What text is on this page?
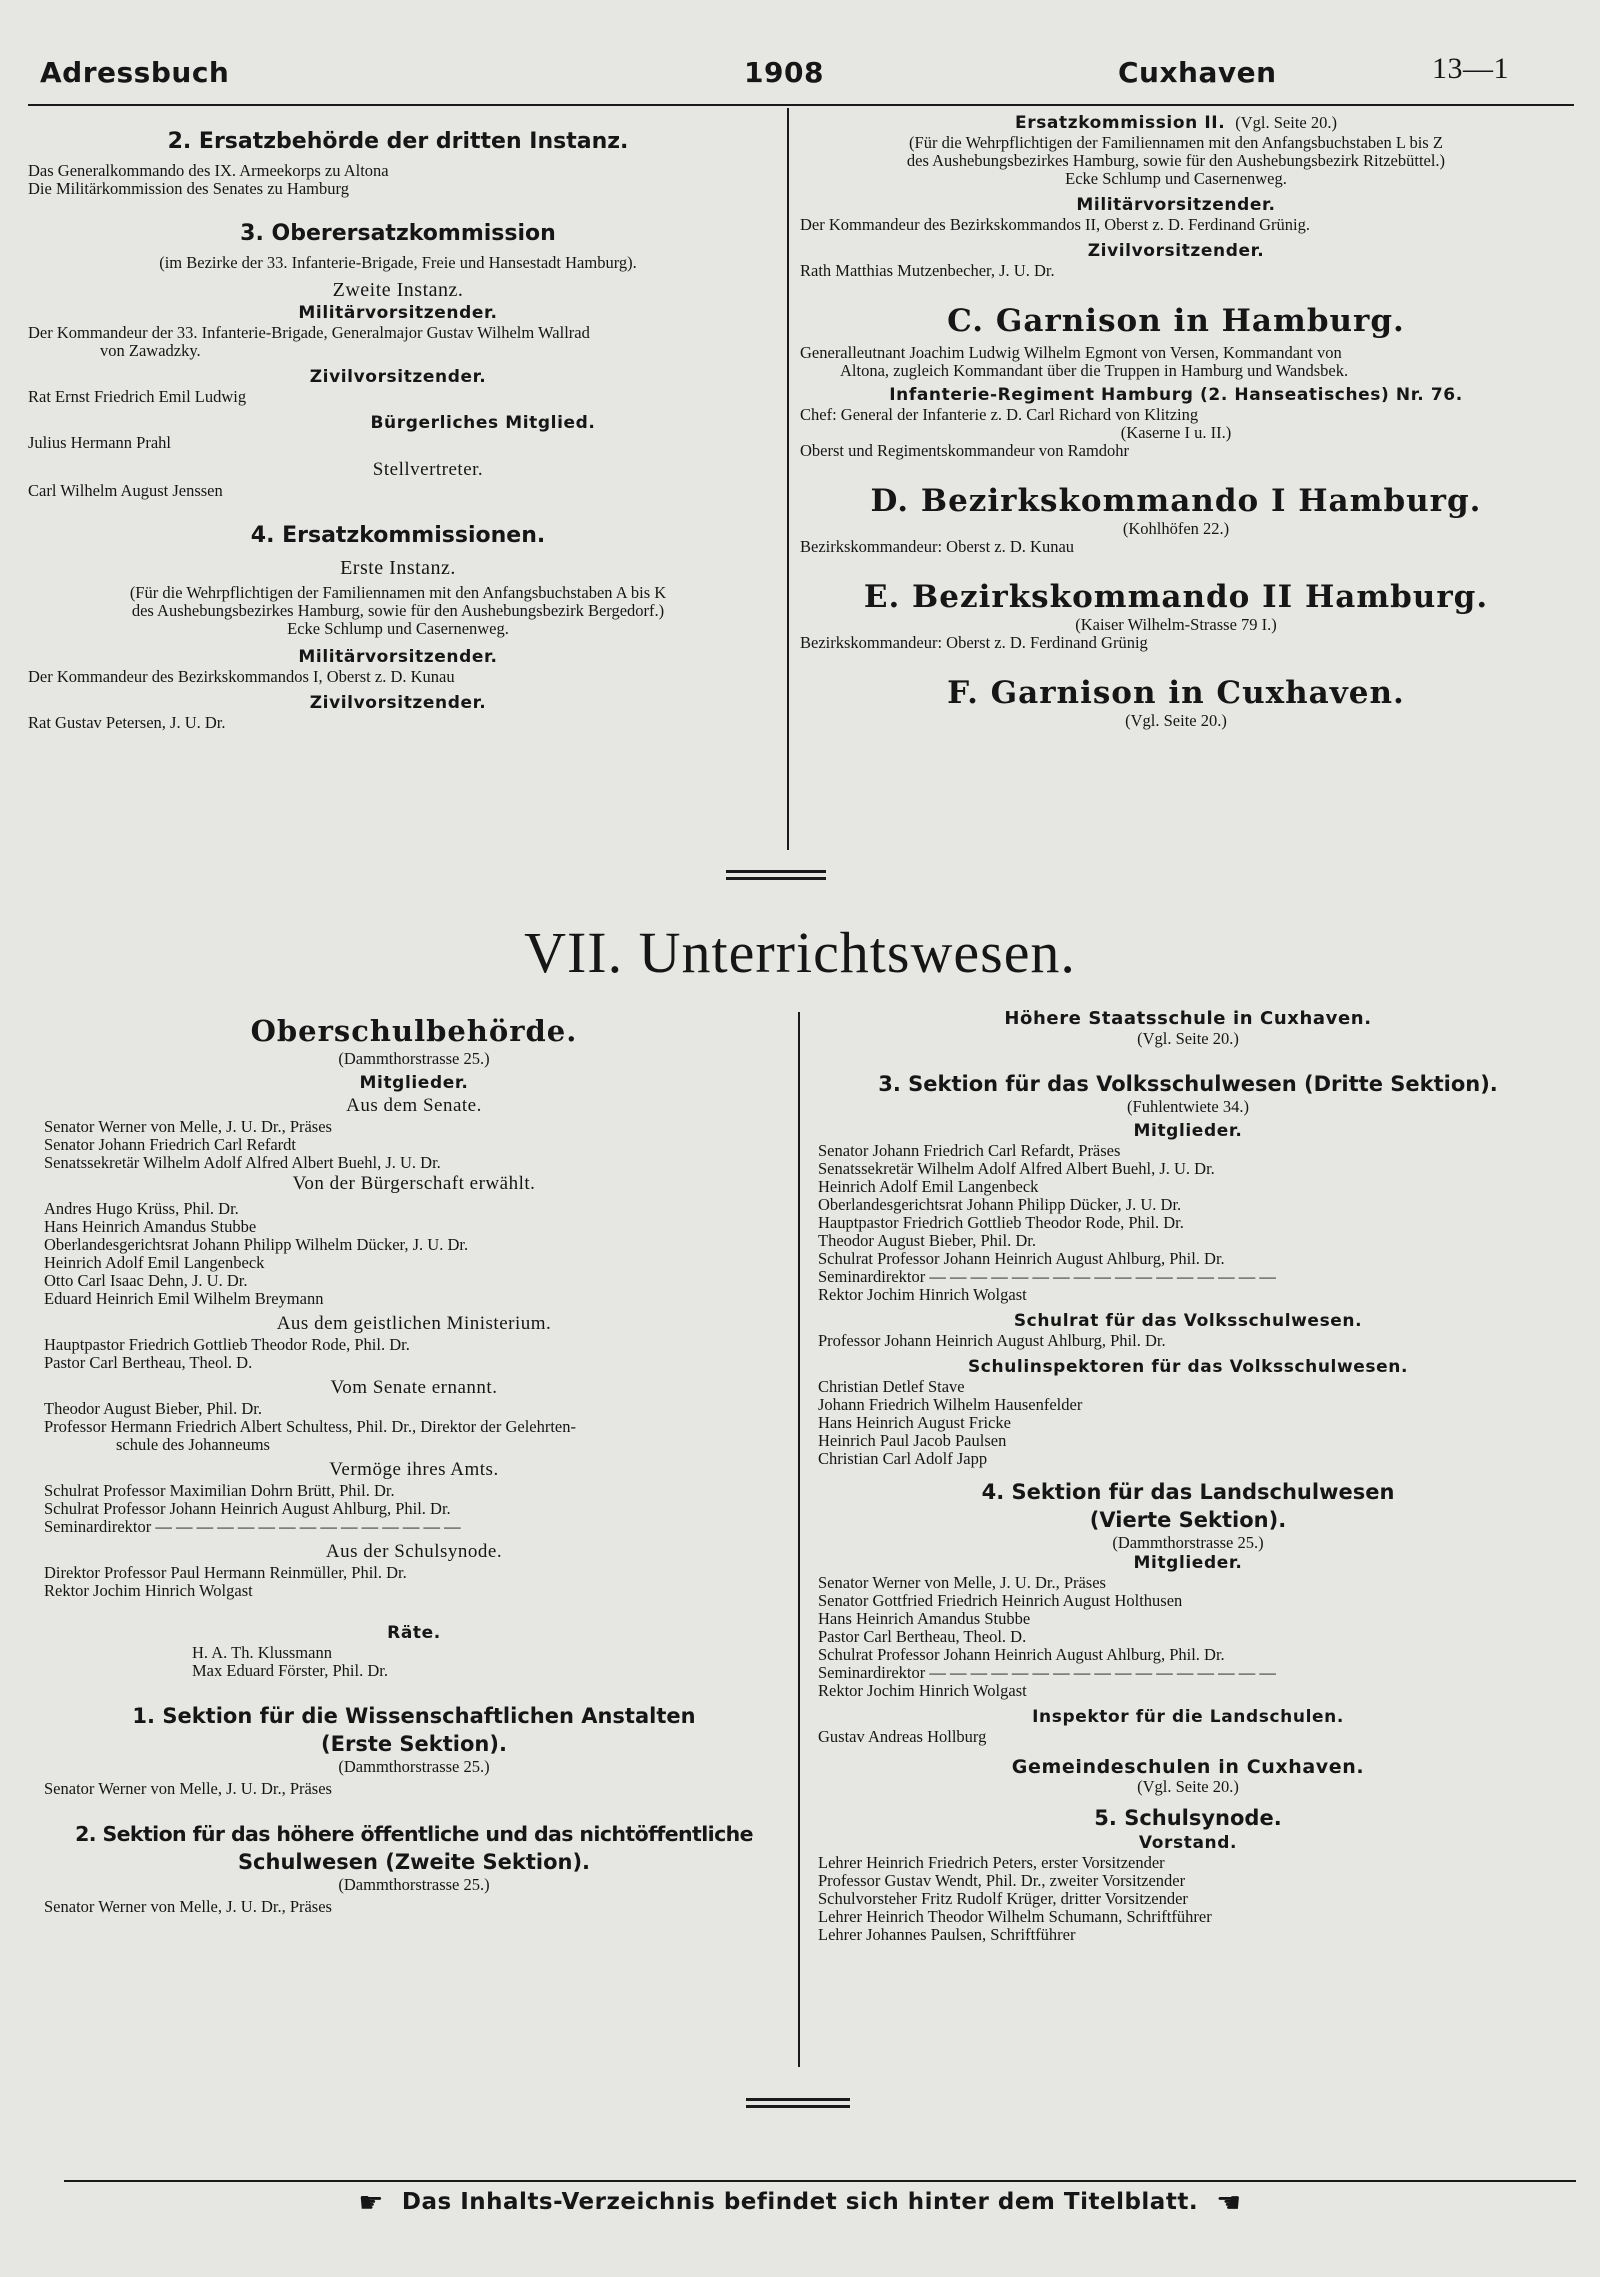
Adressbuch	1908	Cuxhaven	13—1

2. Ersatzbehörde der dritten Instanz.

Das Generalkommando des IX. Armeekorps zu Altona

Die Militärkommission des Senates zu Hamburg

3. Oberersatzkommission

(im Bezirke der 33. Infanterie-Brigade, Freie und Hansestadt Hamburg).

Zweite Instanz.

Militärvorsitzender.

Der Kommandeur der 33. Infanterie-Brigade, Generalmajor Gustav Wilhelm Wallrad

von Zawadzky.

Zivilvorsitzender.

Rat Ernst Friedrich Emil Ludwig

Bürgerliches Mitglied.

Julius Hermann Prahl

Stellvertreter.

Carl Wilhelm August Jenssen

4. Ersatzkommissionen.

Erste Instanz.

(Für die Wehrpflichtigen der Familiennamen mit den Anfangsbuchstaben A bis K

des Aushebungsbezirkes Hamburg, sowie für den Aushebungsbezirk Bergedorf.)

Ecke Schlump und Casernenweg.

Militärvorsitzender.

Der Kommandeur des Bezirkskommandos I, Oberst z. D. Kunau

Zivilvorsitzender.

Rat Gustav Petersen, J. U. Dr.

Ersatzkommission II. (Vgl. Seite 20.)

(Für die Wehrpflichtigen der Familiennamen mit den Anfangsbuchstaben L bis Z

des Aushebungsbezirkes Hamburg, sowie für den Aushebungsbezirk Ritzebüttel.)

Ecke Schlump und Casernenweg.

Militärvorsitzender.

Der Kommandeur des Bezirkskommandos II, Oberst z. D. Ferdinand Grünig.

Zivilvorsitzender.

Rath Matthias Mutzenbecher, J. U. Dr.

C. Garnison in Hamburg.

Generalleutnant Joachim Ludwig Wilhelm Egmont von Versen, Kommandant von

Altona, zugleich Kommandant über die Truppen in Hamburg und Wandsbek.

Infanterie-Regiment Hamburg (2. Hanseatisches) Nr. 76.

Chef: General der Infanterie z. D. Carl Richard von Klitzing

(Kaserne I u. II.)

Oberst und Regimentskommandeur von Ramdohr

D. Bezirkskommando I Hamburg.

(Kohlhöfen 22.)

Bezirkskommandeur: Oberst z. D. Kunau

E. Bezirkskommando II Hamburg.

(Kaiser Wilhelm-Strasse 79 I.)

Bezirkskommandeur: Oberst z. D. Ferdinand Grünig

F. Garnison in Cuxhaven.

(Vgl. Seite 20.)

VII. Unterrichtswesen.

Oberschulbehörde.

(Dammthorstrasse 25.)

Mitglieder.

Aus dem Senate.

Senator Werner von Melle, J. U. Dr., Präses

Senator Johann Friedrich Carl Refardt

Senatssekretär Wilhelm Adolf Alfred Albert Buehl, J. U. Dr.

Von der Bürgerschaft erwählt.

Andres Hugo Krüss, Phil. Dr.

Hans Heinrich Amandus Stubbe

Oberlandesgerichtsrat Johann Philipp Wilhelm Dücker, J. U. Dr.

Heinrich Adolf Emil Langenbeck

Otto Carl Isaac Dehn, J. U. Dr.

Eduard Heinrich Emil Wilhelm Breymann

Aus dem geistlichen Ministerium.

Hauptpastor Friedrich Gottlieb Theodor Rode, Phil. Dr.

Pastor Carl Bertheau, Theol. D.

Vom Senate ernannt.

Theodor August Bieber, Phil. Dr.

Professor Hermann Friedrich Albert Schultess, Phil. Dr., Direktor der Gelehrten-

schule des Johanneums

Vermöge ihres Amts.

Schulrat Professor Maximilian Dohrn Brütt, Phil. Dr.

Schulrat Professor Johann Heinrich August Ahlburg, Phil. Dr.

Seminardirektor — — — — — — — — — — — — — — —

Aus der Schulsynode.

Direktor Professor Paul Hermann Reinmüller, Phil. Dr.

Rektor Jochim Hinrich Wolgast

Räte.

H. A. Th. Klussmann

Max Eduard Förster, Phil. Dr.

1. Sektion für die Wissenschaftlichen Anstalten

(Erste Sektion).

(Dammthorstrasse 25.)

Senator Werner von Melle, J. U. Dr., Präses

2. Sektion für das höhere öffentliche und das nichtöffentliche

Schulwesen (Zweite Sektion).

(Dammthorstrasse 25.)

Senator Werner von Melle, J. U. Dr., Präses

Höhere Staatsschule in Cuxhaven.

(Vgl. Seite 20.)

3. Sektion für das Volksschulwesen (Dritte Sektion).

(Fuhlentwiete 34.)

Mitglieder.

Senator Johann Friedrich Carl Refardt, Präses

Senatssekretär Wilhelm Adolf Alfred Albert Buehl, J. U. Dr.

Heinrich Adolf Emil Langenbeck

Oberlandesgerichtsrat Johann Philipp Dücker, J. U. Dr.

Hauptpastor Friedrich Gottlieb Theodor Rode, Phil. Dr.

Theodor August Bieber, Phil. Dr.

Schulrat Professor Johann Heinrich August Ahlburg, Phil. Dr.

Seminardirektor — — — — — — — — — — — — — — — — —

Rektor Jochim Hinrich Wolgast

Schulrat für das Volksschulwesen.

Professor Johann Heinrich August Ahlburg, Phil. Dr.

Schulinspektoren für das Volksschulwesen.

Christian Detlef Stave

Johann Friedrich Wilhelm Hausenfelder

Hans Heinrich August Fricke

Heinrich Paul Jacob Paulsen

Christian Carl Adolf Japp

4. Sektion für das Landschulwesen

(Vierte Sektion).

(Dammthorstrasse 25.)

Mitglieder.

Senator Werner von Melle, J. U. Dr., Präses

Senator Gottfried Friedrich Heinrich August Holthusen

Hans Heinrich Amandus Stubbe

Pastor Carl Bertheau, Theol. D.

Schulrat Professor Johann Heinrich August Ahlburg, Phil. Dr.

Seminardirektor — — — — — — — — — — — — — — — — —

Rektor Jochim Hinrich Wolgast

Inspektor für die Landschulen.

Gustav Andreas Hollburg

Gemeindeschulen in Cuxhaven.

(Vgl. Seite 20.)

5. Schulsynode.

Vorstand.

Lehrer Heinrich Friedrich Peters, erster Vorsitzender

Professor Gustav Wendt, Phil. Dr., zweiter Vorsitzender

Schulvorsteher Fritz Rudolf Krüger, dritter Vorsitzender

Lehrer Heinrich Theodor Wilhelm Schumann, Schriftführer

Lehrer Johannes Paulsen, Schriftführer

☛ Das Inhalts-Verzeichnis befindet sich hinter dem Titelblatt. ☚
